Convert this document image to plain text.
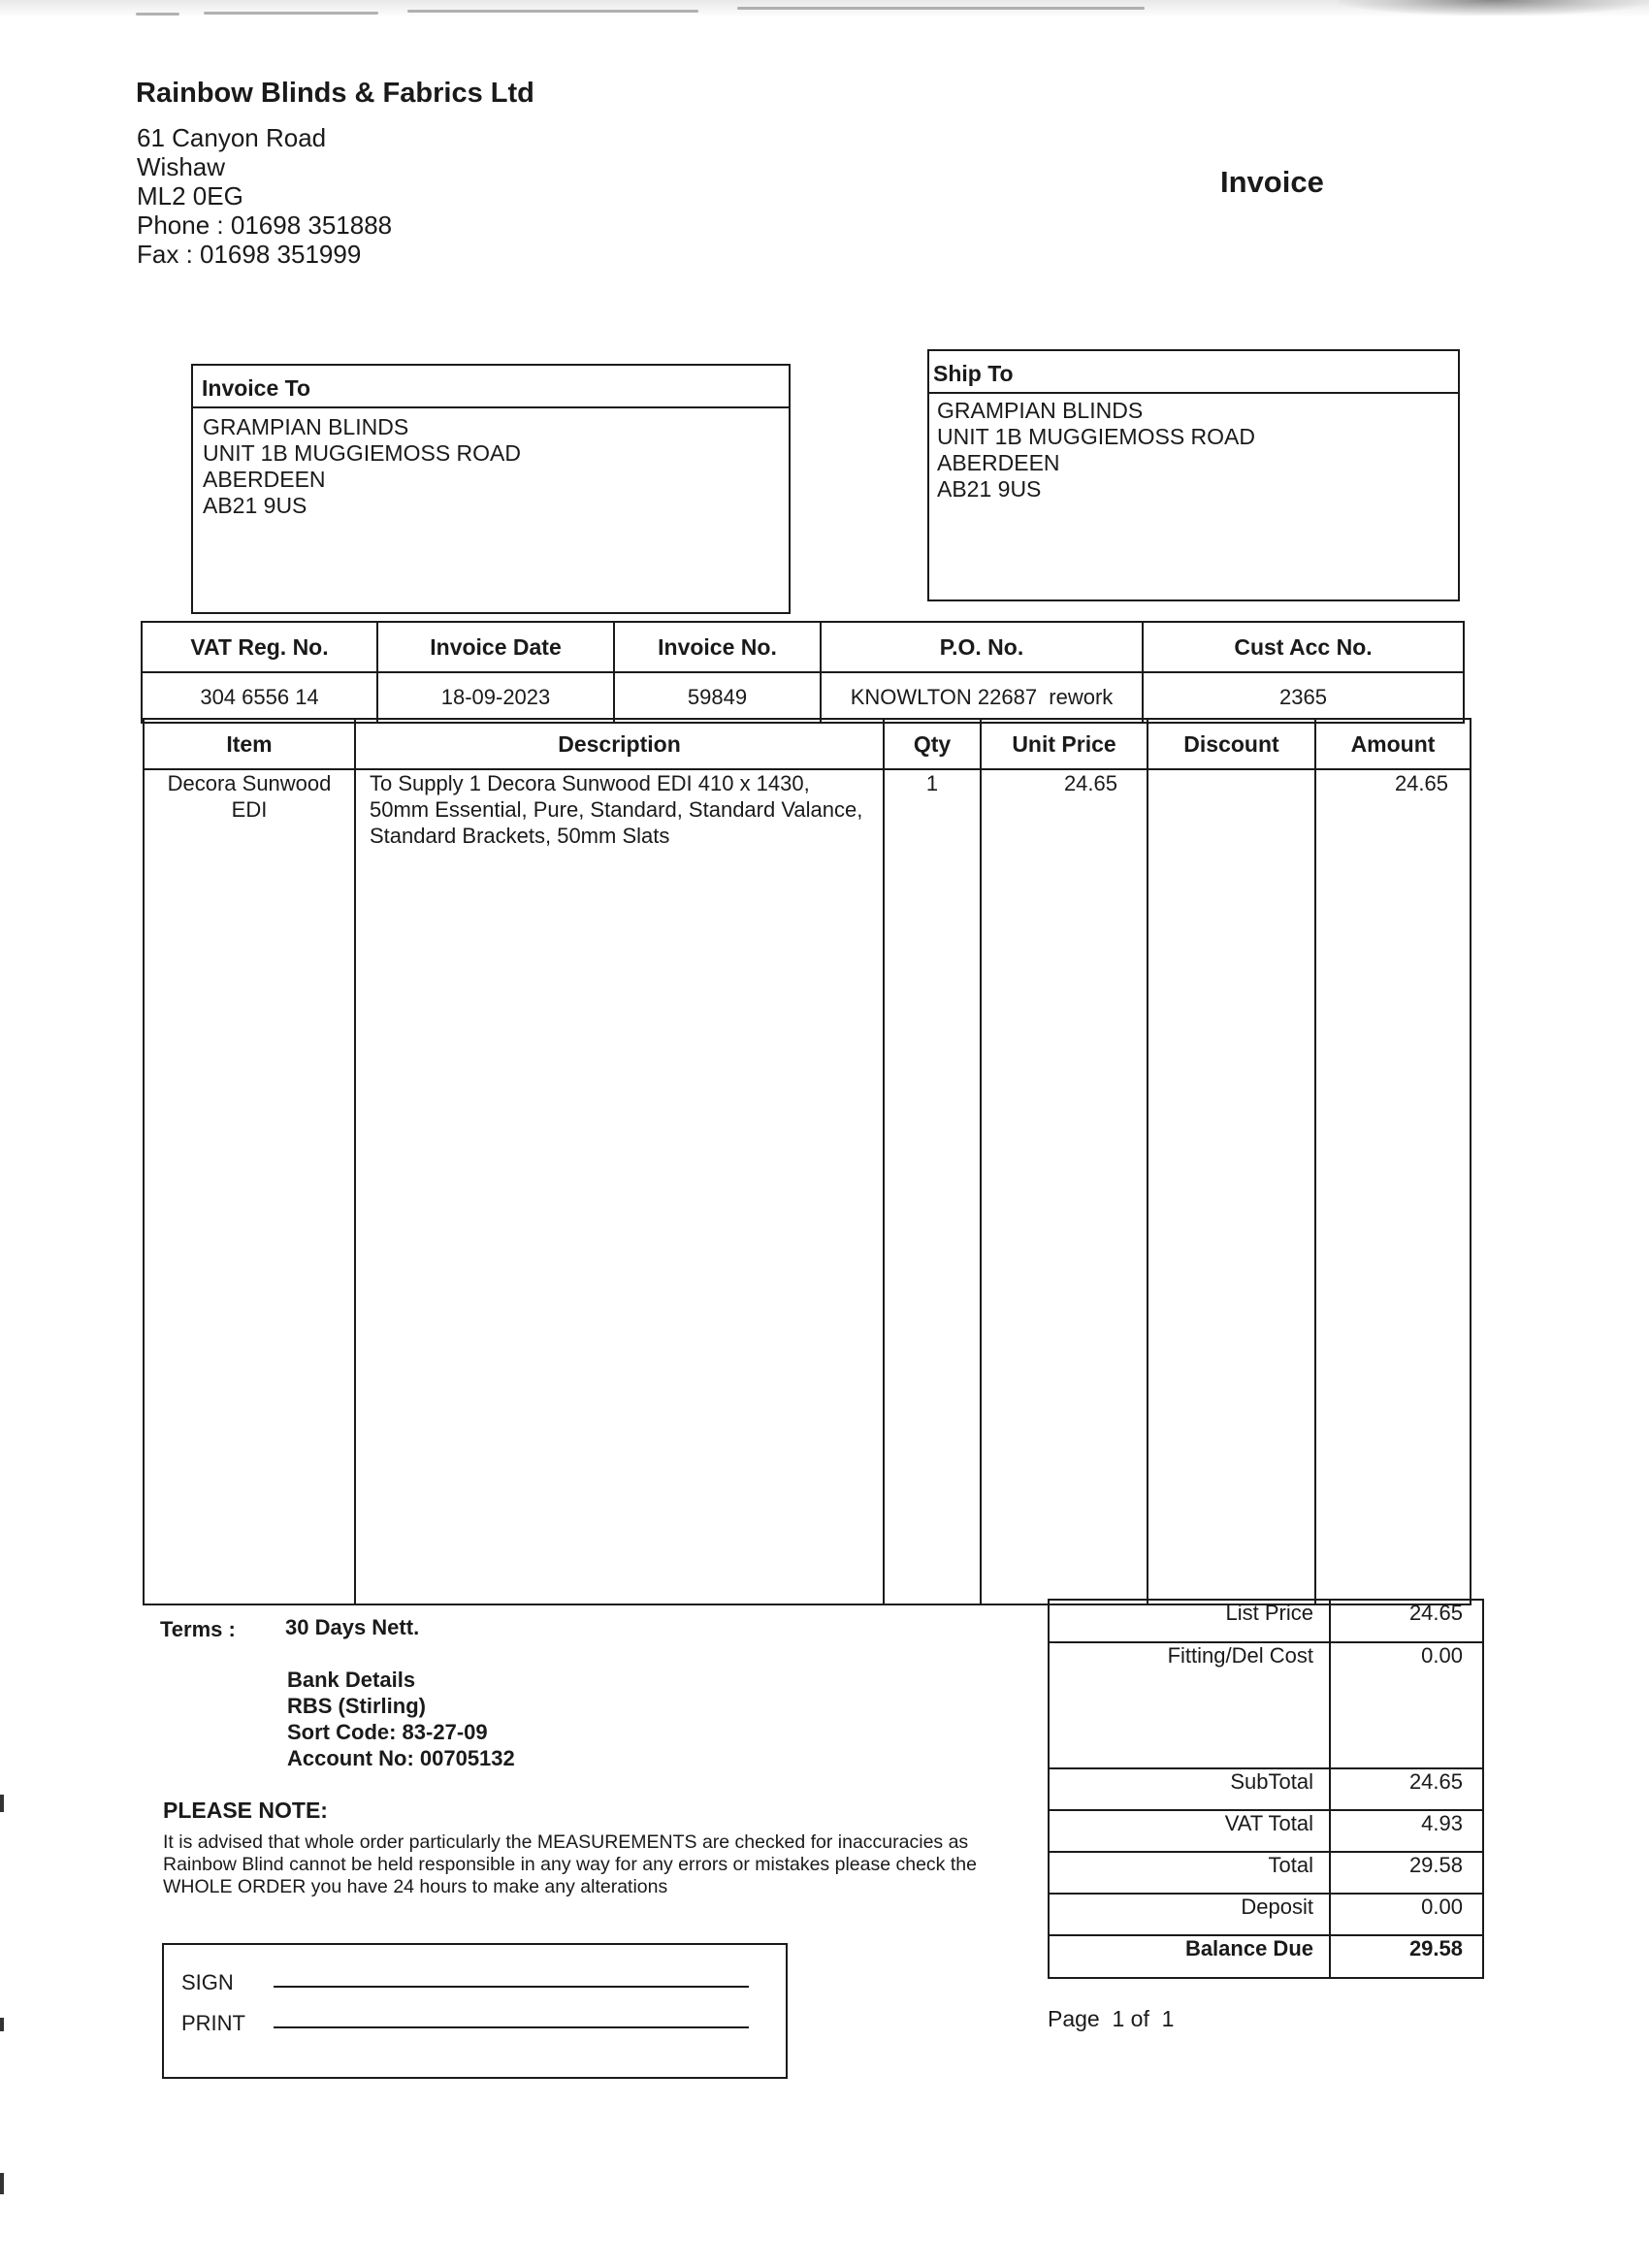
Rainbow Blinds & Fabrics Ltd
61 Canyon Road
Wishaw
ML2 0EG
Phone : 01698 351888
Fax : 01698 351999
Invoice
Invoice To
GRAMPIAN BLINDS
UNIT 1B MUGGIEMOSS ROAD
ABERDEEN
AB21 9US
Ship To
GRAMPIAN BLINDS
UNIT 1B MUGGIEMOSS ROAD
ABERDEEN
AB21 9US
VAT Reg. No.	Invoice Date	Invoice No.	P.O. No.	Cust Acc No.
304 6556 14	18-09-2023	59849	KNOWLTON 22687  rework	2365
Item	Description	Qty	Unit Price	Discount	Amount
Decora Sunwood EDI	To Supply 1 Decora Sunwood EDI 410 x 1430, 50mm Essential, Pure, Standard, Standard Valance, Standard Brackets, 50mm Slats	1	24.65		24.65
Terms : 30 Days Nett.
Bank Details
RBS (Stirling)
Sort Code: 83-27-09
Account No: 00705132
PLEASE NOTE:
It is advised that whole order particularly the MEASUREMENTS are checked for inaccuracies as Rainbow Blind cannot be held responsible in any way for any errors or mistakes please check the WHOLE ORDER you have 24 hours to make any alterations
List Price	24.65
Fitting/Del Cost	0.00
SubTotal	24.65
VAT Total	4.93
Total	29.58
Deposit	0.00
Balance Due	29.58
SIGN
PRINT	Page  1 of  1
